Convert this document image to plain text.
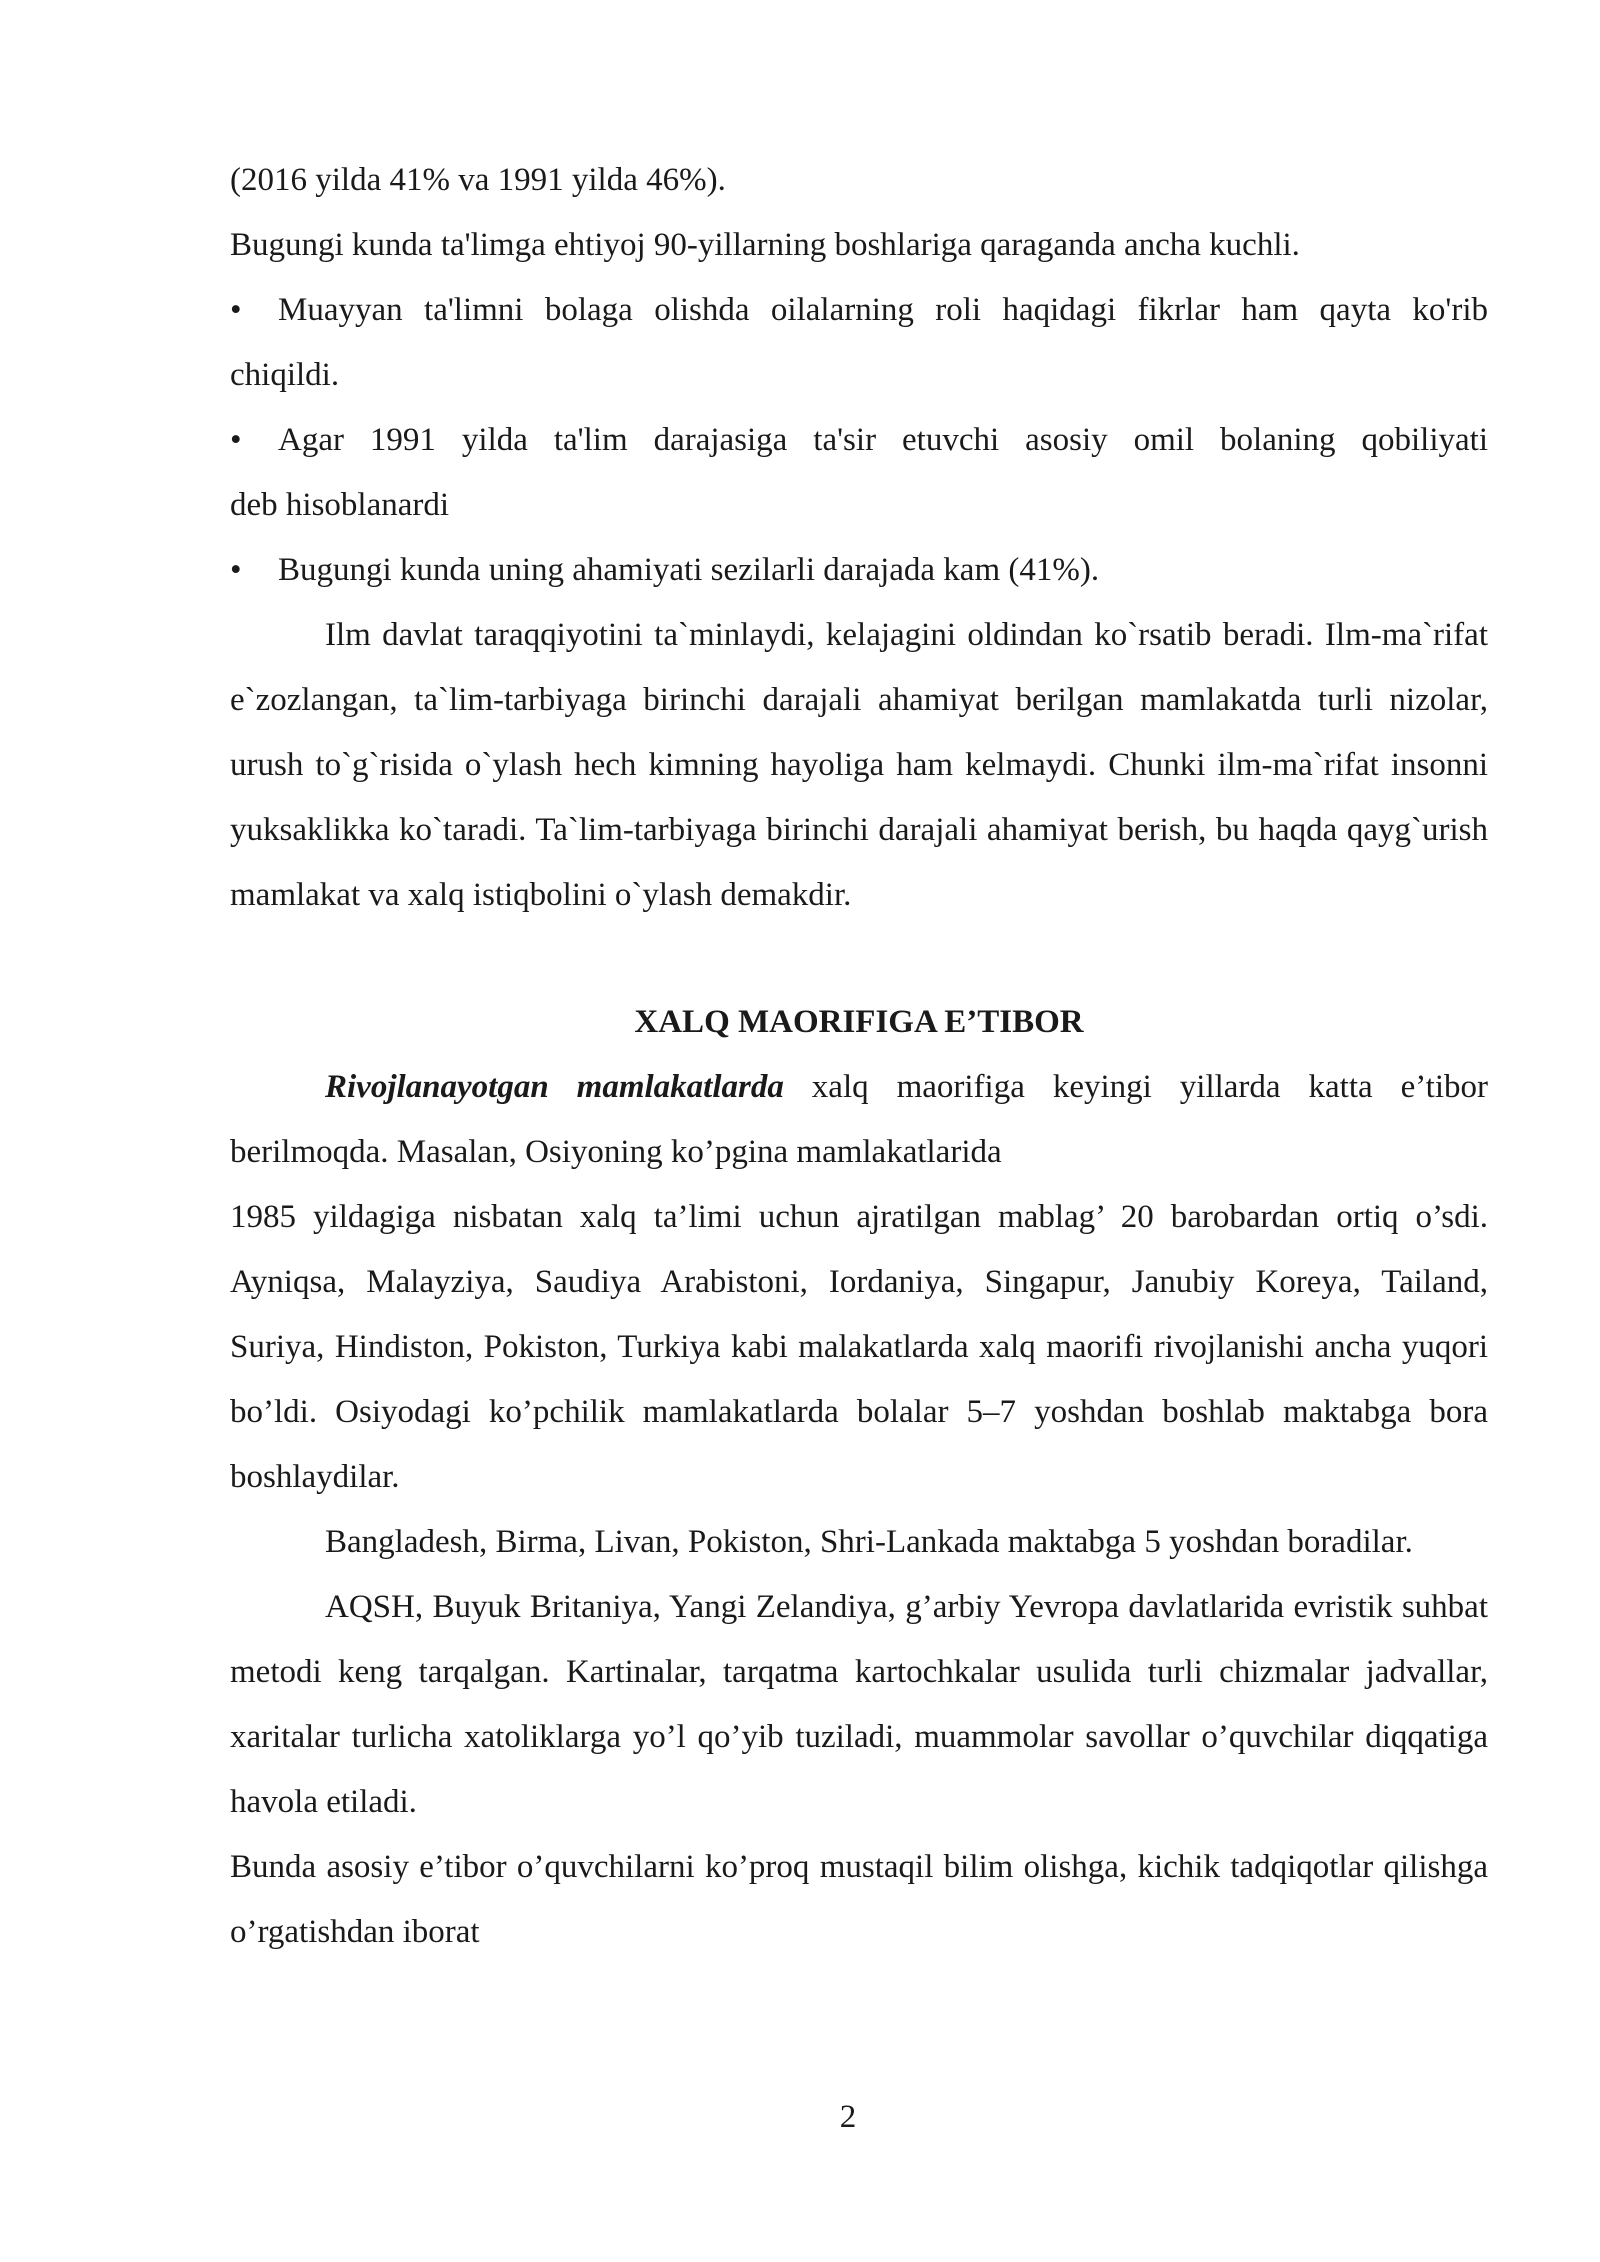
(2016 yilda 41% va 1991 yilda 46%).

Bugungi kunda ta'limga ehtiyoj 90-yillarning boshlariga qaraganda ancha kuchli.

• Muayyan ta'limni bolaga olishda oilalarning roli haqidagi fikrlar ham qayta ko'rib
chiqildi.
• Agar 1991 yilda ta'lim darajasiga ta'sir etuvchi asosiy omil bolaning qobiliyati
deb hisoblanardi
• Bugungi kunda uning ahamiyati sezilarli darajada kam (41%).

Ilm davlat taraqqiyotini ta`minlaydi, kelajagini oldindan ko`rsatib beradi. Ilm-ma`rifat e`zozlangan, ta`lim-tarbiyaga birinchi darajali ahamiyat berilgan mamlakatda turli nizolar, urush to`g`risida o`ylash hech kimning hayoliga ham kelmaydi. Chunki ilm-ma`rifat insonni yuksaklikka ko`taradi. Ta`lim-tarbiyaga birinchi darajali ahamiyat berish, bu haqda qayg`urish mamlakat va xalq istiqbolini o`ylash demakdir.

XALQ MAORIFIGA E’TIBOR
Rivojlanayotgan mamlakatlarda xalq maorifiga keyingi yillarda katta e’tibor

berilmoqda. Masalan, Osiyoning ko’pgina mamlakatlarida

1985 yildagiga nisbatan xalq ta’limi uchun ajratilgan mablag’ 20 barobardan ortiq o’sdi. Ayniqsa, Malayziya, Saudiya Arabistoni, Iordaniya, Singapur, Janubiy Koreya, Tailand, Suriya, Hindiston, Pokiston, Turkiya kabi malakatlarda xalq maorifi rivojlanishi ancha yuqori bo’ldi. Osiyodagi ko’pchilik mamlakatlarda bolalar 5–7 yoshdan boshlab maktabga bora boshlaydilar.

Bangladesh, Birma, Livan, Pokiston, Shri-Lankada maktabga 5 yoshdan boradilar.

AQSH, Buyuk Britaniya, Yangi Zelandiya, g’arbiy Yevropa davlatlarida evristik suhbat metodi keng tarqalgan. Kartinalar, tarqatma kartochkalar usulida turli chizmalar jadvallar, xaritalar turlicha xatoliklarga yo’l qo’yib tuziladi, muammolar savollar o’quvchilar diqqatiga havola etiladi.

Bunda asosiy e’tibor o’quvchilarni ko’proq mustaqil bilim olishga, kichik tadqiqotlar qilishga o’rgatishdan iborat

2
